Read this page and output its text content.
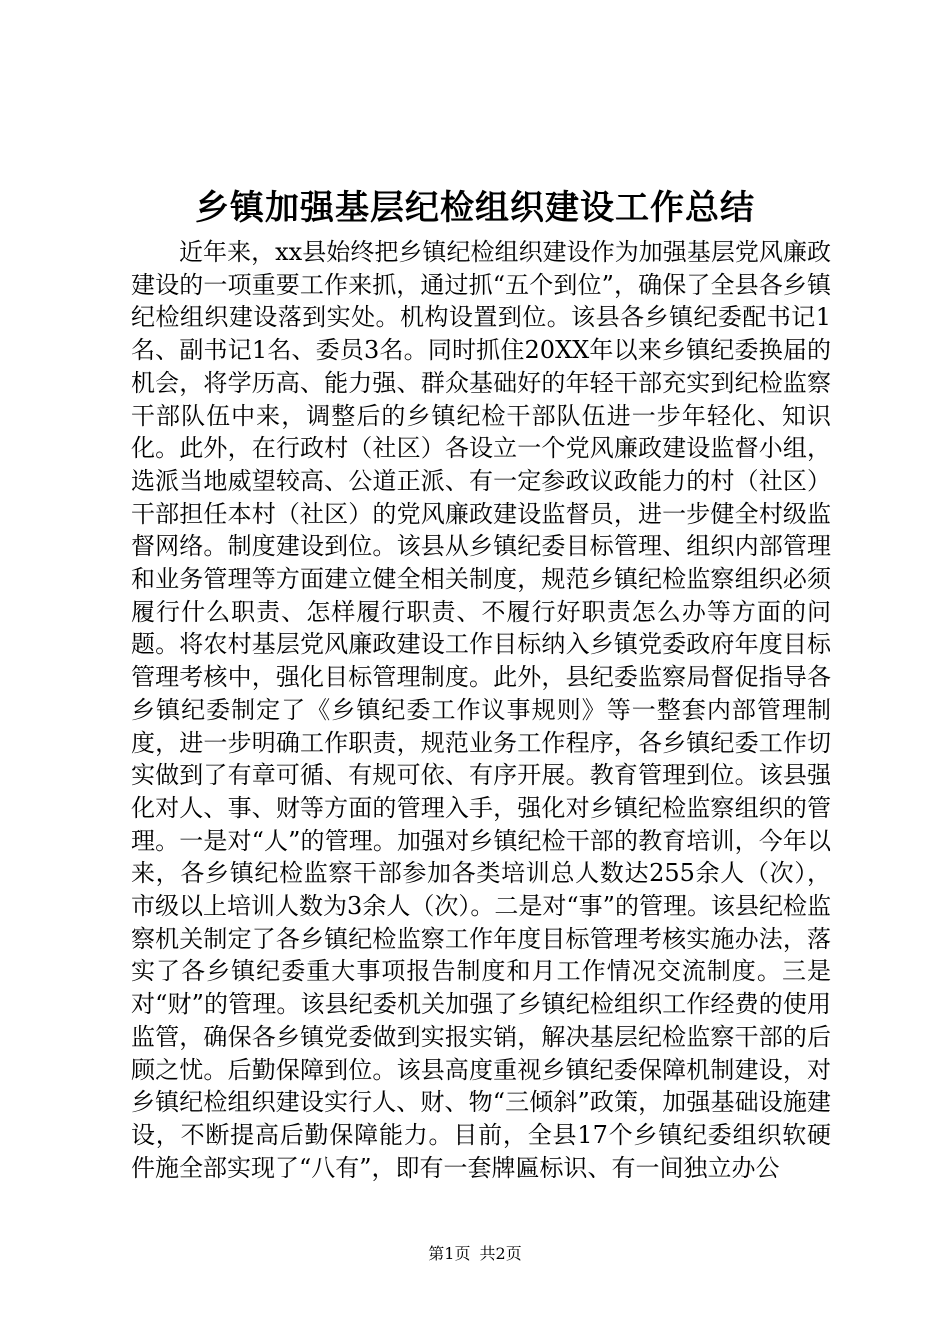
乡镇加强基层纪检组织建设工作总结

近年来，xx县始终把乡镇纪检组织建设作为加强基层党风廉政建设的一项重要工作来抓，通过抓“五个到位”，确保了全县各乡镇纪检组织建设落到实处。机构设置到位。该县各乡镇纪委配书记1名、副书记1名、委员3名。同时抓住20XX年以来乡镇纪委换届的机会，将学历高、能力强、群众基础好的年轻干部充实到纪检监察干部队伍中来，调整后的乡镇纪检干部队伍进一步年轻化、知识化。此外，在行政村（社区）各设立一个党风廉政建设监督小组，选派当地威望较高、公道正派、有一定参政议政能力的村（社区）干部担任本村（社区）的党风廉政建设监督员，进一步健全村级监督网络。制度建设到位。该县从乡镇纪委目标管理、组织内部管理和业务管理等方面建立健全相关制度，规范乡镇纪检监察组织必须履行什么职责、怎样履行职责、不履行好职责怎么办等方面的问题。将农村基层党风廉政建设工作目标纳入乡镇党委政府年度目标管理考核中，强化目标管理制度。此外，县纪委监察局督促指导各乡镇纪委制定了《乡镇纪委工作议事规则》等一整套内部管理制度，进一步明确工作职责，规范业务工作程序，各乡镇纪委工作切实做到了有章可循、有规可依、有序开展。教育管理到位。该县强化对人、事、财等方面的管理入手，强化对乡镇纪检监察组织的管理。一是对“人”的管理。加强对乡镇纪检干部的教育培训，今年以来，各乡镇纪检监察干部参加各类培训总人数达255余人（次），市级以上培训人数为3余人（次）。二是对“事”的管理。该县纪检监察机关制定了各乡镇纪检监察工作年度目标管理考核实施办法，落实了各乡镇纪委重大事项报告制度和月工作情况交流制度。三是对“财”的管理。该县纪委机关加强了乡镇纪检组织工作经费的使用监管，确保各乡镇党委做到实报实销，解决基层纪检监察干部的后顾之忧。后勤保障到位。该县高度重视乡镇纪委保障机制建设，对乡镇纪检组织建设实行人、财、物“三倾斜”政策，加强基础设施建设，不断提高后勤保障能力。目前，全县17个乡镇纪委组织软硬件施全部实现了“八有”，即有一套牌匾标识、有一间独立办公

第1页 共2页
